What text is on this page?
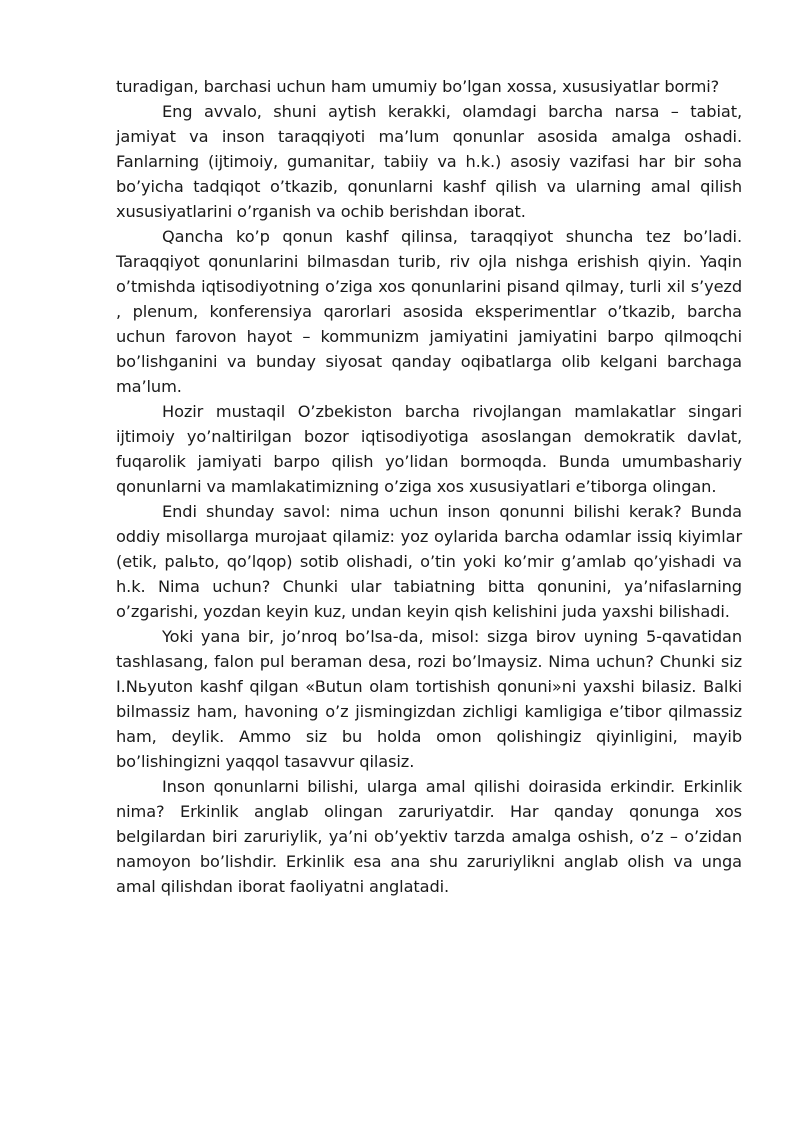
turadigan, barchasi uchun ham umumiy bo’lgan xossa, xususiyatlar bormi?

Eng avvalo, shuni aytish kerakki, olamdagi barcha narsa – tabiat, jamiyat va inson taraqqiyoti ma’lum qonunlar asosida amalga oshadi. Fanlarning (ijtimoiy, gumanitar, tabiiy va h.k.) asosiy vazifasi har bir soha bo’yicha tadqiqot o’tkazib, qonunlarni kashf qilish va ularning amal qilish xususiyatlarini o’rganish va ochib berishdan iborat.

Qancha ko’p qonun kashf qilinsa, taraqqiyot shuncha tez bo’ladi. Taraqqiyot qonunlarini bilmasdan turib, riv ojla nishga erishish qiyin. Yaqin o’tmishda iqtisodiyotning o’ziga xos qonunlarini pisand qilmay, turli xil s’yezd , plenum, konferensiya qarorlari asosida eksperimentlar o’tkazib, barcha uchun farovon hayot – kommunizm jamiyatini jamiyatini barpo qilmoqchi bo’lishganini va bunday siyosat qanday oqibatlarga olib kelgani barchaga ma’lum.

Hozir mustaqil O’zbekiston barcha rivojlangan mamlakatlar singari ijtimoiy yo’naltirilgan bozor iqtisodiyotiga asoslangan demokratik davlat, fuqarolik jamiyati barpo qilish yo’lidan bormoqda. Bunda umumbashariy qonunlarni va mamlakatimizning o’ziga xos xususiyatlari e’tiborga olingan.

Endi shunday savol: nima uchun inson qonunni bilishi kerak? Bunda oddiy misollarga murojaat qilamiz: yoz oylarida barcha odamlar issiq kiyimlar (etik, palьto, qo’lqop) sotib olishadi, o’tin yoki ko’mir g’amlab qo’yishadi va h.k. Nima uchun? Chunki ular tabiatning bitta qonunini, ya’nifaslarning o’zgarishi, yozdan keyin kuz, undan keyin qish kelishini juda yaxshi bilishadi.

Yoki yana bir, jo’nroq bo’lsa-da, misol: sizga birov uyning 5-qavatidan tashlasang, falon pul beraman desa, rozi bo’lmaysiz. Nima uchun? Chunki siz I.Nьyuton kashf qilgan «Butun olam tortishish qonuni»ni yaxshi bilasiz. Balki bilmassiz ham, havoning o’z jismingizdan zichligi kamligiga e’tibor qilmassiz ham, deylik. Ammo siz bu holda omon qolishingiz qiyinligini, mayib bo’lishingizni yaqqol tasavvur qilasiz.

Inson qonunlarni bilishi, ularga amal qilishi doirasida erkindir. Erkinlik nima? Erkinlik anglab olingan zaruriyatdir. Har qanday qonunga xos belgilardan biri zaruriylik, ya’ni ob’yektiv tarzda amalga oshish, o’z – o’zidan namoyon bo’lishdir. Erkinlik esa ana shu zaruriylikni anglab olish va unga amal qilishdan iborat faoliyatni anglatadi.
